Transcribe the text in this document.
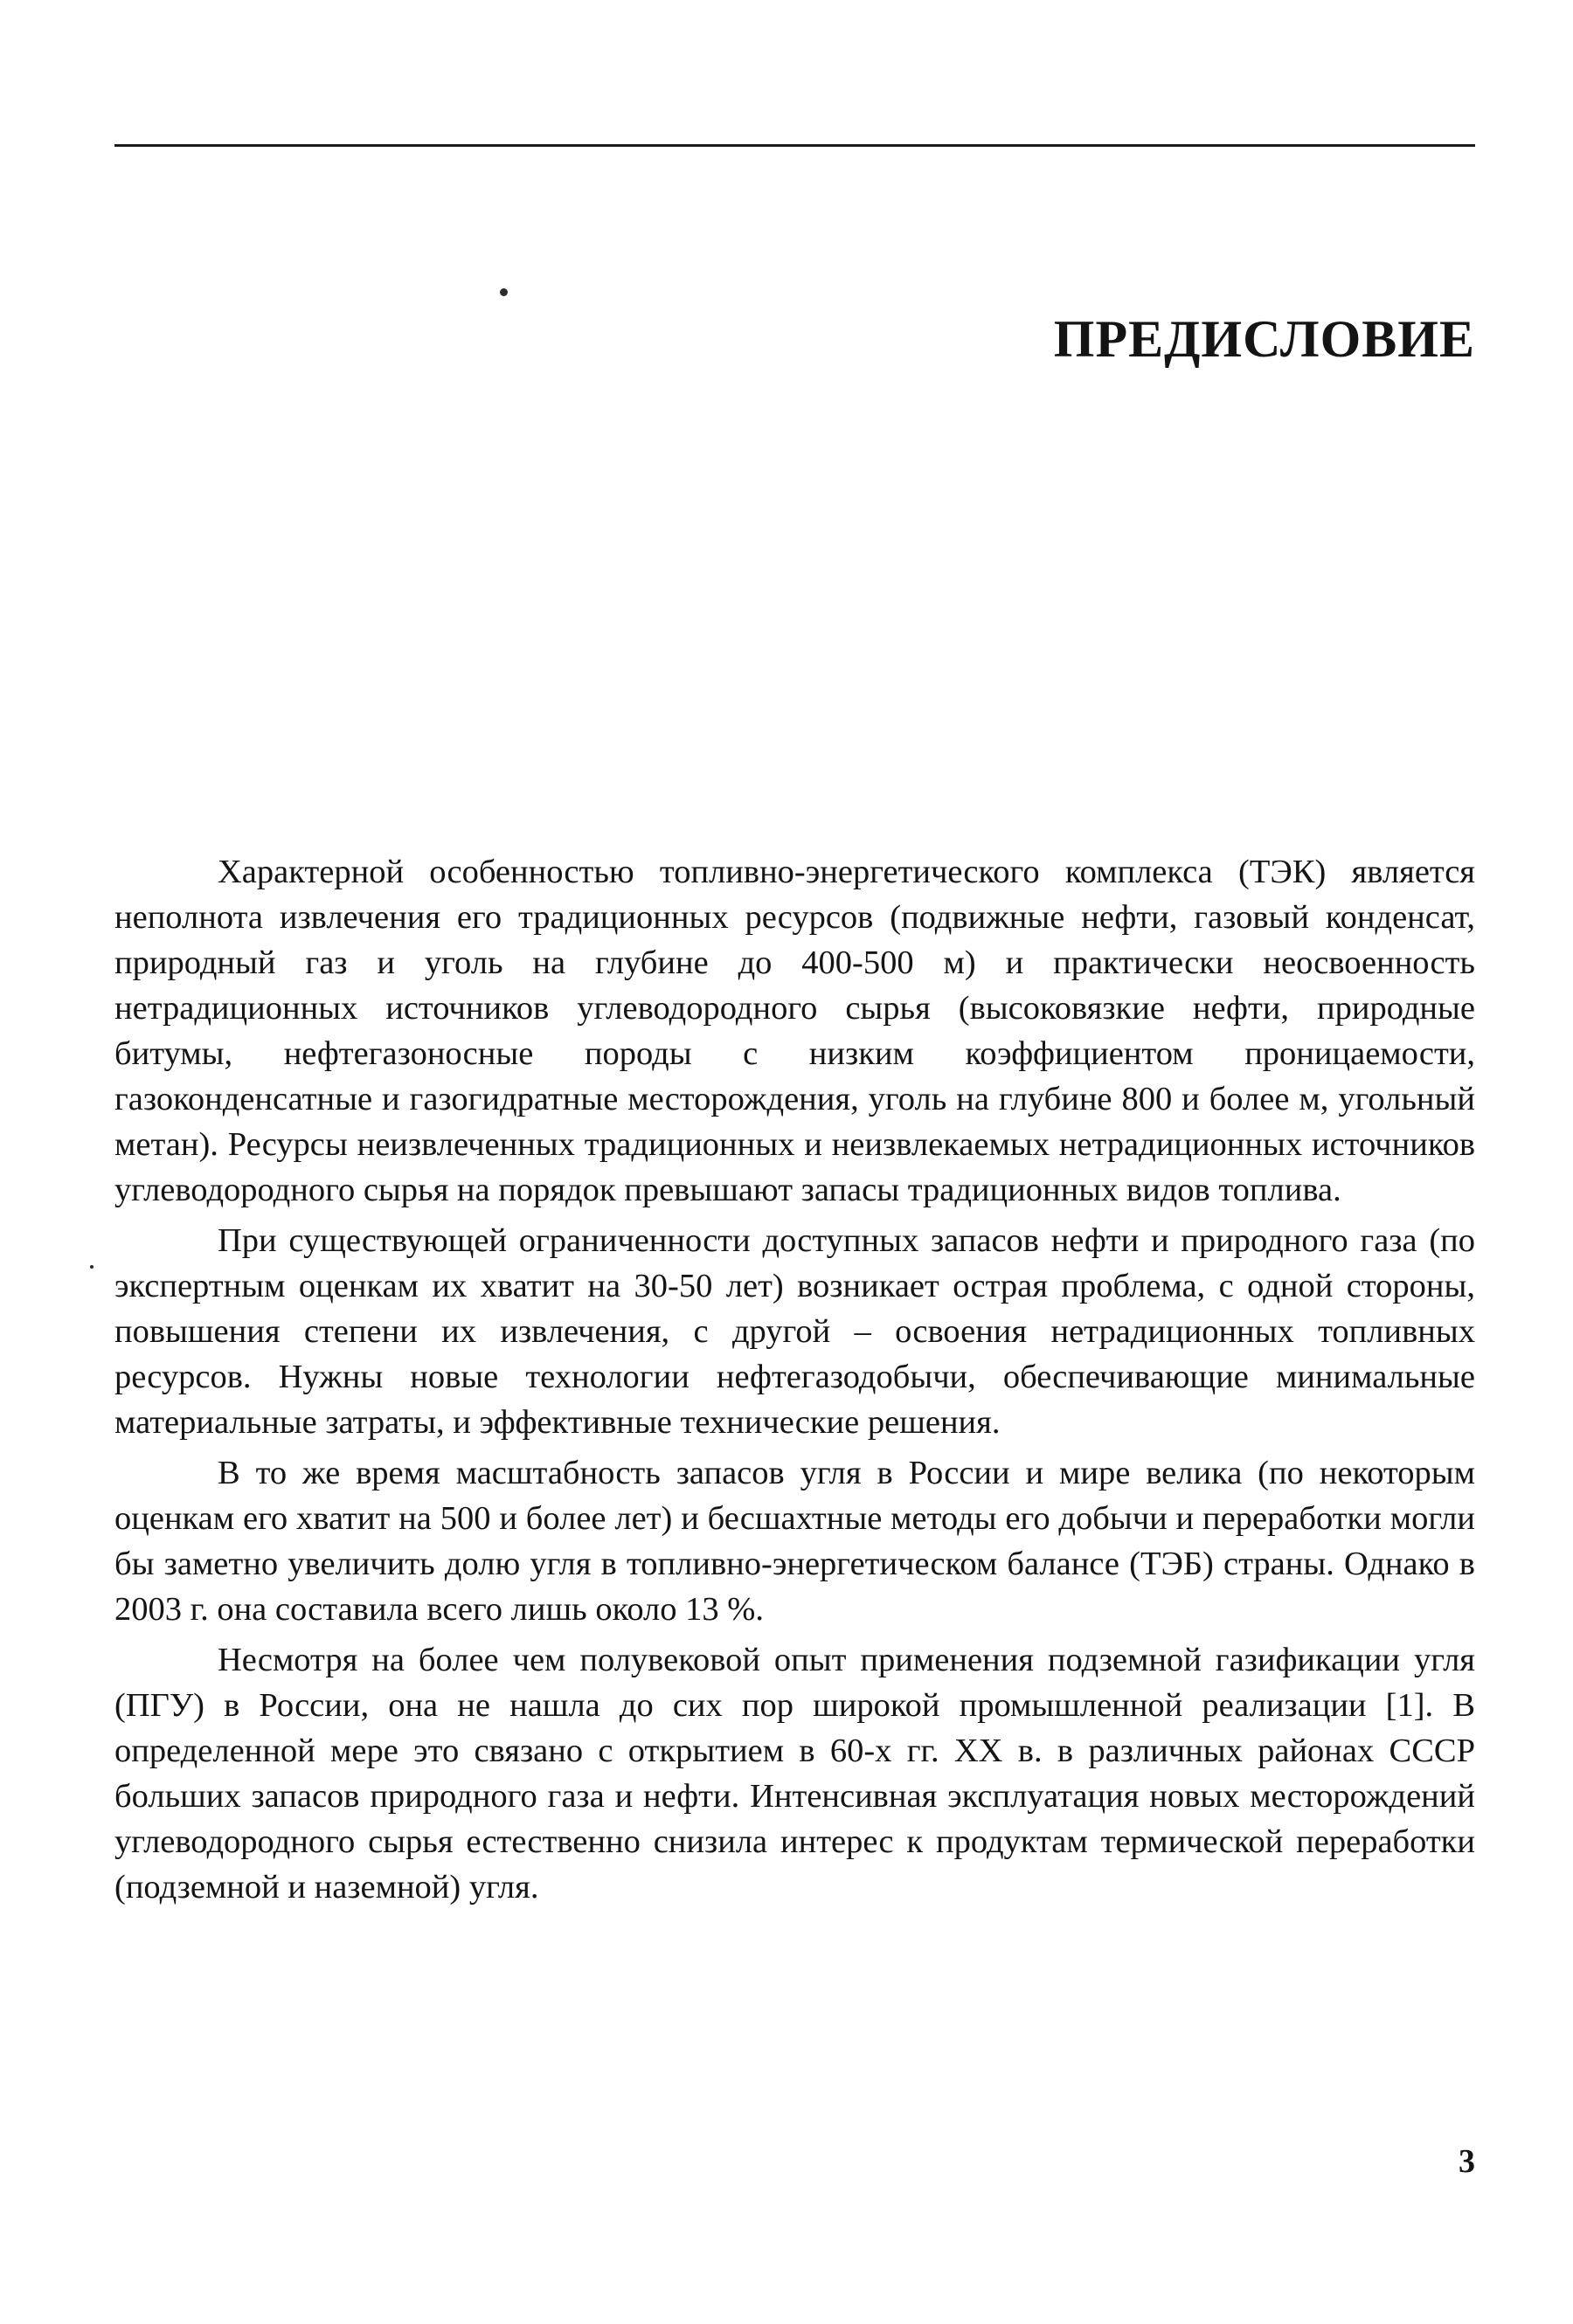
ПРЕДИСЛОВИЕ

Характерной особенностью топливно-энергетического комплекса (ТЭК) является неполнота извлечения его традиционных ресурсов (подвижные нефти, газовый конденсат, природный газ и уголь на глубине до 400-500 м) и практически неосвоенность нетрадиционных источников углеводородного сырья (высоковязкие нефти, природные битумы, нефтегазоносные породы с низким коэффициентом проницаемости, газоконденсатные и газогидратные месторождения, уголь на глубине 800 и более м, угольный метан). Ресурсы неизвлеченных традиционных и неизвлекаемых нетрадиционных источников углеводородного сырья на порядок превышают запасы традиционных видов топлива.

При существующей ограниченности доступных запасов нефти и природного газа (по экспертным оценкам их хватит на 30-50 лет) возникает острая проблема, с одной стороны, повышения степени их извлечения, с другой – освоения нетрадиционных топливных ресурсов. Нужны новые технологии нефтегазодобычи, обеспечивающие минимальные материальные затраты, и эффективные технические решения.

В то же время масштабность запасов угля в России и мире велика (по некоторым оценкам его хватит на 500 и более лет) и бесшахтные методы его добычи и переработки могли бы заметно увеличить долю угля в топливно-энергетическом балансе (ТЭБ) страны. Однако в 2003 г. она составила всего лишь около 13 %.

Несмотря на более чем полувековой опыт применения подземной газификации угля (ПГУ) в России, она не нашла до сих пор широкой промышленной реализации [1]. В определенной мере это связано с открытием в 60-х гг. XX в. в различных районах СССР больших запасов природного газа и нефти. Интенсивная эксплуатация новых месторождений углеводородного сырья естественно снизила интерес к продуктам термической переработки (подземной и наземной) угля.

3
